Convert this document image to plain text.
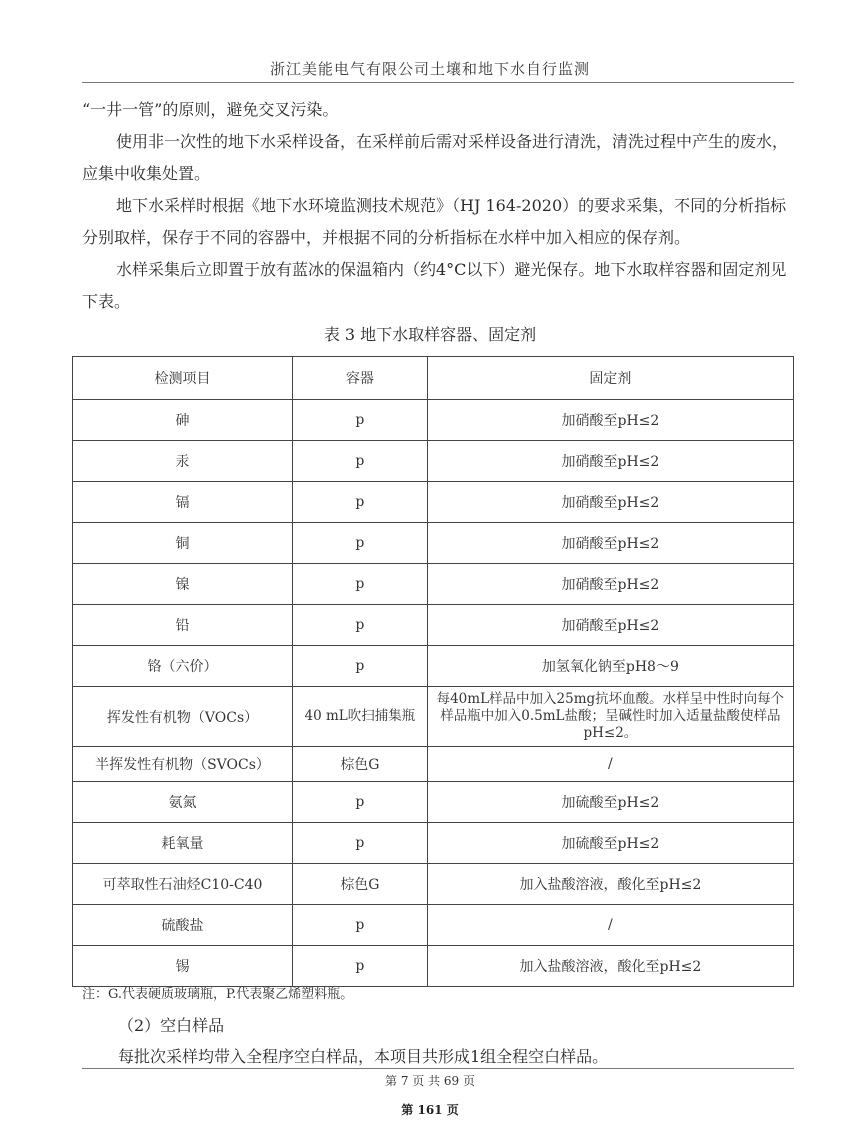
浙江美能电气有限公司土壤和地下水自行监测

“一井一管”的原则，避免交叉污染。

使用非一次性的地下水采样设备，在采样前后需对采样设备进行清洗，清洗过程中产生的废水，应集中收集处置。

地下水采样时根据《地下水环境监测技术规范》（HJ 164-2020）的要求采集，不同的分析指标分别取样，保存于不同的容器中，并根据不同的分析指标在水样中加入相应的保存剂。

水样采集后立即置于放有蓝冰的保温箱内（约4°C以下）避光保存。地下水取样容器和固定剂见下表。

表 3 地下水取样容器、固定剂
检测项目	容器	固定剂
砷	p	加硝酸至pH≤2
汞	p	加硝酸至pH≤2
镉	p	加硝酸至pH≤2
铜	p	加硝酸至pH≤2
镍	p	加硝酸至pH≤2
铅	p	加硝酸至pH≤2
铬（六价）	p	加氢氧化钠至pH8～9
挥发性有机物（VOCs）	40 mL吹扫捕集瓶	每40mL样品中加入25mg抗坏血酸。水样呈中性时向每个样品瓶中加入0.5mL盐酸；呈碱性时加入适量盐酸使样品pH≤2。
半挥发性有机物（SVOCs）	棕色G	/
氨氮	p	加硫酸至pH≤2
耗氧量	p	加硫酸至pH≤2
可萃取性石油烃C10-C40	棕色G	加入盐酸溶液，酸化至pH≤2
硫酸盐	p	/
锡	p	加入盐酸溶液，酸化至pH≤2
注：G.代表硬质玻璃瓶，P.代表聚乙烯塑料瓶。
（2）空白样品
每批次采样均带入全程序空白样品，本项目共形成1组全程空白样品。
第 7 页 共 69 页
第 161 页
